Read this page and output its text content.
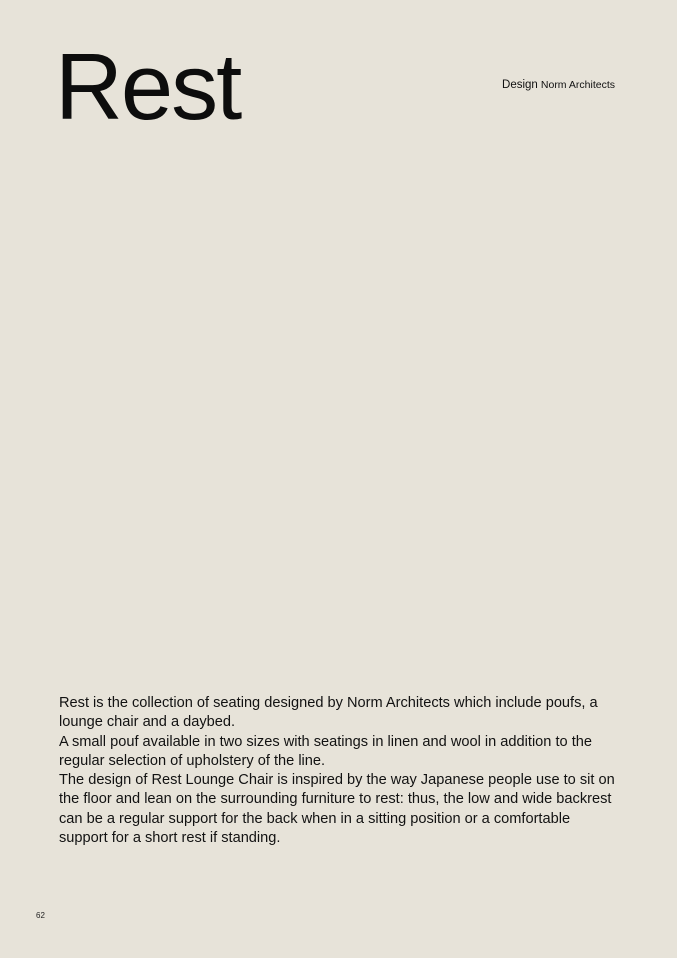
Rest	Design Norm Architects

Rest is the collection of seating designed by Norm Architects which include poufs, a lounge chair and a daybed.

A small pouf available in two sizes with seatings in linen and wool in addition to the regular selection of upholstery of the line.

The design of Rest Lounge Chair is inspired by the way Japanese people use to sit on the floor and lean on the surrounding furniture to rest: thus, the low and wide backrest can be a regular support for the back when in a sitting position or a comfortable support for a short rest if standing.

62
